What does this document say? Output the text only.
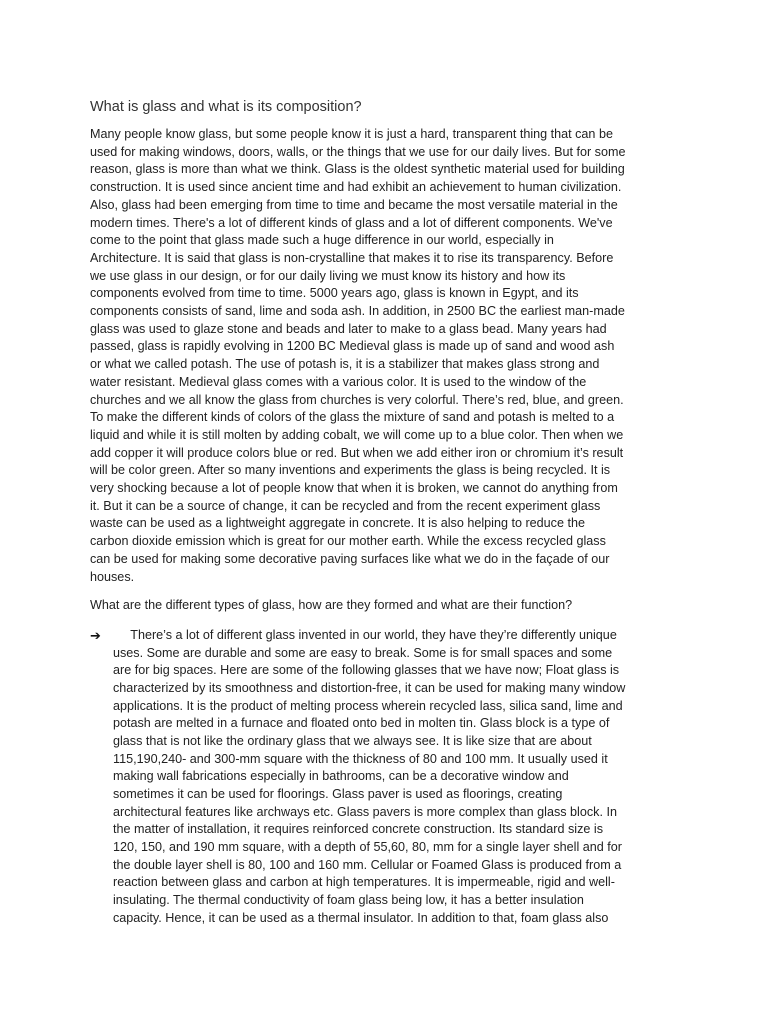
What is glass and what is its composition?
Many people know glass, but some people know it is just a hard, transparent thing that can be
used for making windows, doors, walls, or the things that we use for our daily lives. But for some
reason, glass is more than what we think. Glass is the oldest synthetic material used for building
construction. It is used since ancient time and had exhibit an achievement to human civilization.
Also, glass had been emerging from time to time and became the most versatile material in the
modern times. There's a lot of different kinds of glass and a lot of different components. We've
come to the point that glass made such a huge difference in our world, especially in
Architecture. It is said that glass is non-crystalline that makes it to rise its transparency. Before
we use glass in our design, or for our daily living we must know its history and how its
components evolved from time to time. 5000 years ago, glass is known in Egypt, and its
components consists of sand, lime and soda ash. In addition, in 2500 BC the earliest man-made
glass was used to glaze stone and beads and later to make to a glass bead. Many years had
passed, glass is rapidly evolving in 1200 BC Medieval glass is made up of sand and wood ash
or what we called potash. The use of potash is, it is a stabilizer that makes glass strong and
water resistant. Medieval glass comes with a various color. It is used to the window of the
churches and we all know the glass from churches is very colorful. There’s red, blue, and green.
To make the different kinds of colors of the glass the mixture of sand and potash is melted to a
liquid and while it is still molten by adding cobalt, we will come up to a blue color. Then when we
add copper it will produce colors blue or red. But when we add either iron or chromium it’s result
will be color green. After so many inventions and experiments the glass is being recycled. It is
very shocking because a lot of people know that when it is broken, we cannot do anything from
it. But it can be a source of change, it can be recycled and from the recent experiment glass
waste can be used as a lightweight aggregate in concrete. It is also helping to reduce the
carbon dioxide emission which is great for our mother earth. While the excess recycled glass
can be used for making some decorative paving surfaces like what we do in the façade of our
houses.
What are the different types of glass, how are they formed and what are their function?
➔ There’s a lot of different glass invented in our world, they have they’re differently unique
uses. Some are durable and some are easy to break. Some is for small spaces and some
are for big spaces. Here are some of the following glasses that we have now; Float glass is
characterized by its smoothness and distortion-free, it can be used for making many window
applications. It is the product of melting process wherein recycled lass, silica sand, lime and
potash are melted in a furnace and floated onto bed in molten tin. Glass block is a type of
glass that is not like the ordinary glass that we always see. It is like size that are about
115,190,240- and 300-mm square with the thickness of 80 and 100 mm. It usually used it
making wall fabrications especially in bathrooms, can be a decorative window and
sometimes it can be used for floorings. Glass paver is used as floorings, creating
architectural features like archways etc. Glass pavers is more complex than glass block. In
the matter of installation, it requires reinforced concrete construction. Its standard size is
120, 150, and 190 mm square, with a depth of 55,60, 80, mm for a single layer shell and for
the double layer shell is 80, 100 and 160 mm. Cellular or Foamed Glass is produced from a
reaction between glass and carbon at high temperatures. It is impermeable, rigid and well-
insulating. The thermal conductivity of foam glass being low, it has a better insulation
capacity. Hence, it can be used as a thermal insulator. In addition to that, foam glass also
